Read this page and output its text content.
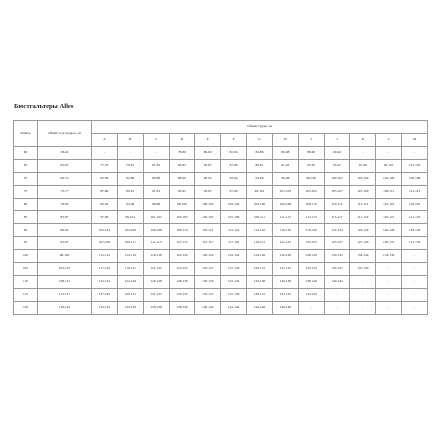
Бюстгальтеры Alles
Размер	Обхват под грудью, см	Обхват груди, см												
		A	B	C	D	E	F	G	H	I	J	K	L	M
60	58-62	-	-	-	78-80	80-82	82-84	84-86	86-88	88-90	90-92	-	-	-
65	63-67	77-79	79-81	81-83	83-85	85-87	87-89	89-91	91-93	93-95	95-97	97-99	99-101	101-103
70	68-72	82-84	84-86	86-88	88-90	90-92	92-94	94-96	96-98	98-100	100-102	102-104	104-106	106-108
75	73-77	87-89	89-91	91-93	93-95	95-97	97-99	99-101	101-103	103-105	105-107	107-109	109-111	111-113
80	78-82	92-94	94-96	96-98	98-100	100-102	102-104	104-106	106-108	108-110	110-112	112-114	114-116	116-118
85	83-87	97-99	99-101	101-103	103-105	105-107	107-109	109-111	111-113	113-115	115-117	117-119	119-121	121-123
90	88-92	102-104	104-106	106-108	108-110	110-112	112-114	114-116	116-118	118-120	122-124	124-126	126-128	128-130
95	93-97	107-109	109-111	111-113	113-115	115-117	117-119	119-121	121-123	123-125	125-127	127-129	129-131	131-133
100	98-102	112-114	114-116	116-118	118-120	120-122	122-124	124-126	126-128	128-130	130-132	132-134	134-136	-
105	103-107	117-119	119-121	121-123	123-125	125-127	127-129	129-131	131-133	133-135	135-137	137-139	-	-
110	108-112	122-124	124-126	126-128	128-130	130-132	132-134	134-136	136-138	138-140	140-142	-	-	-
115	113-117	127-129	129-131	131-133	133-135	135-137	137-139	139-141	141-143	143-145	-	-	-	-
120	118-122	132-134	134-136	136-138	138-140	140-142	142-144	144-146	146-148	-	-	-	-	-
